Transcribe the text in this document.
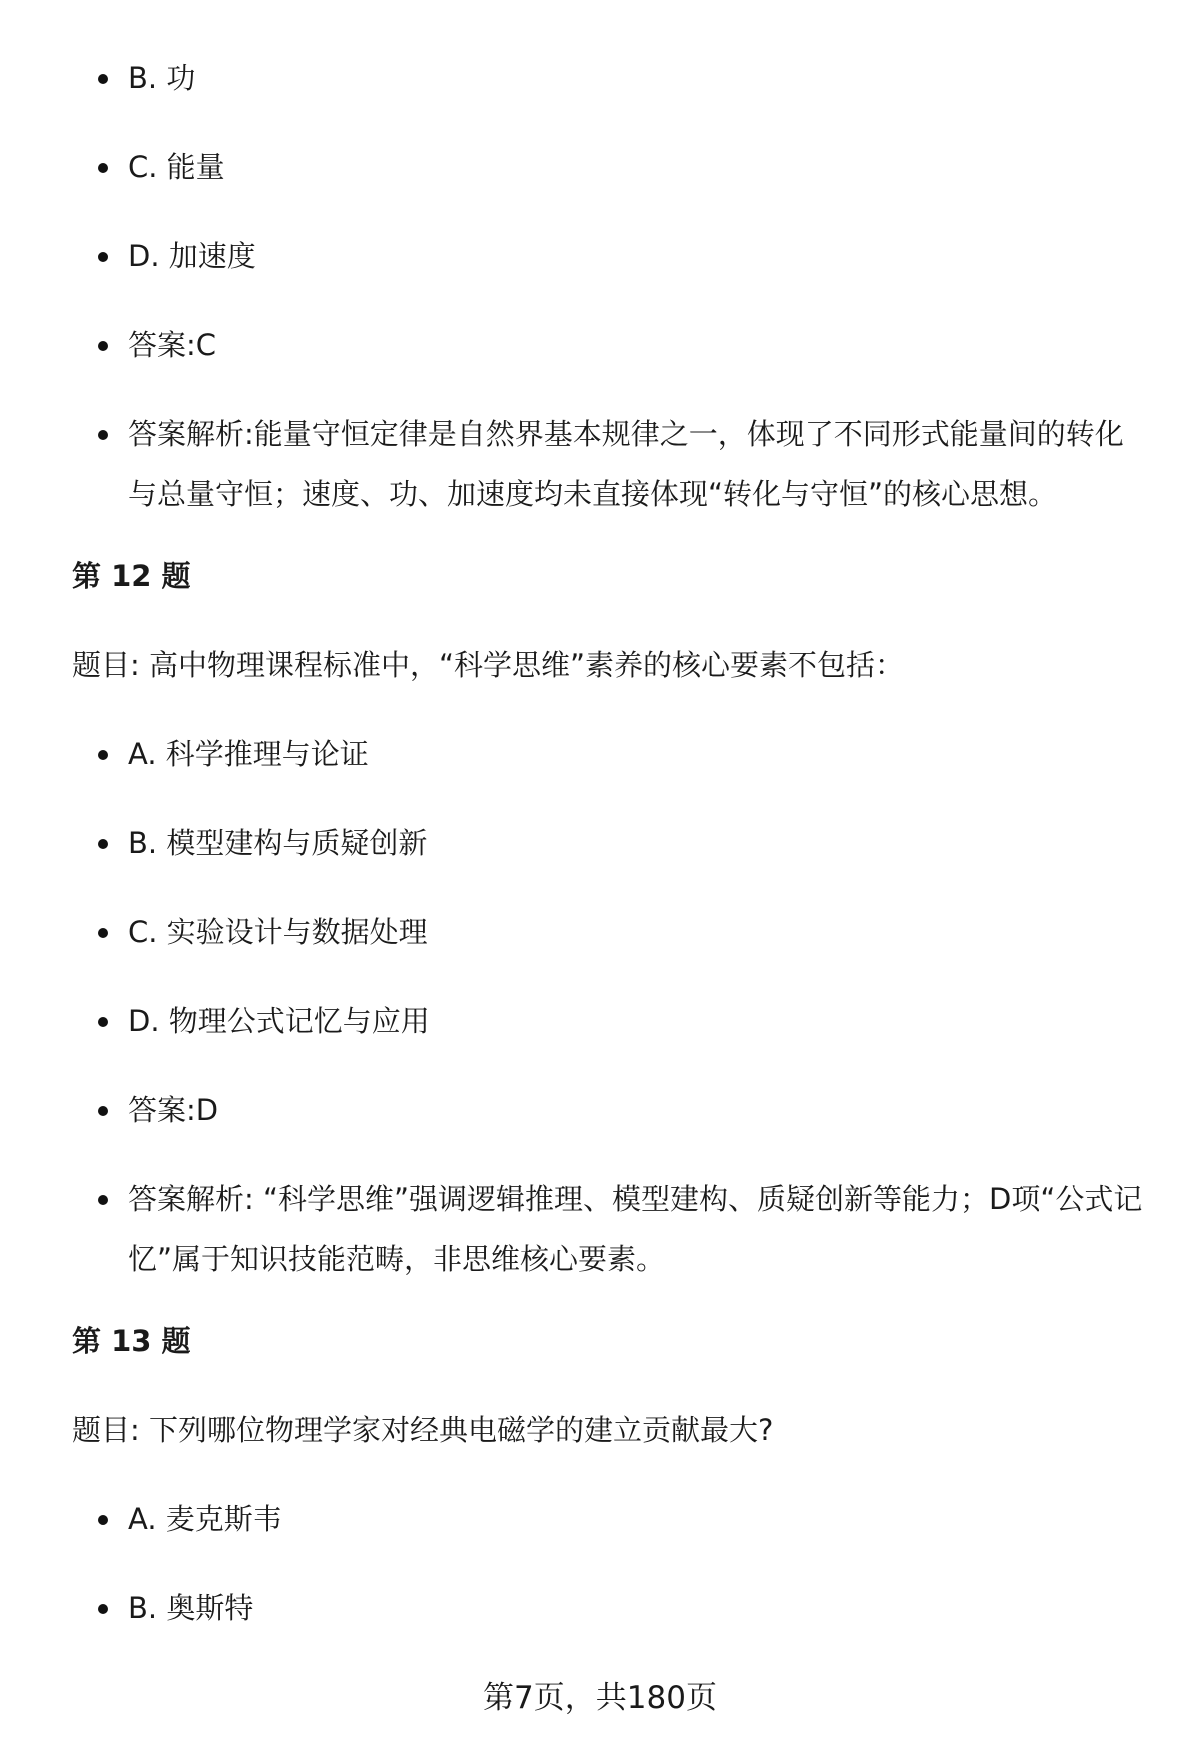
B. 功
C. 能量
D. 加速度
答案:C
答案解析:能量守恒定律是自然界基本规律之一，体现了不同形式能量间的转化与总量守恒；速度、功、加速度均未直接体现“转化与守恒”的核心思想。
第 12 题
题目: 高中物理课程标准中，“科学思维”素养的核心要素不包括：
A. 科学推理与论证
B. 模型建构与质疑创新
C. 实验设计与数据处理
D. 物理公式记忆与应用
答案:D
答案解析: “科学思维”强调逻辑推理、模型建构、质疑创新等能力；D项“公式记忆”属于知识技能范畴，非思维核心要素。
第 13 题
题目: 下列哪位物理学家对经典电磁学的建立贡献最大?
A. 麦克斯韦
B. 奥斯特
第7页，共180页
